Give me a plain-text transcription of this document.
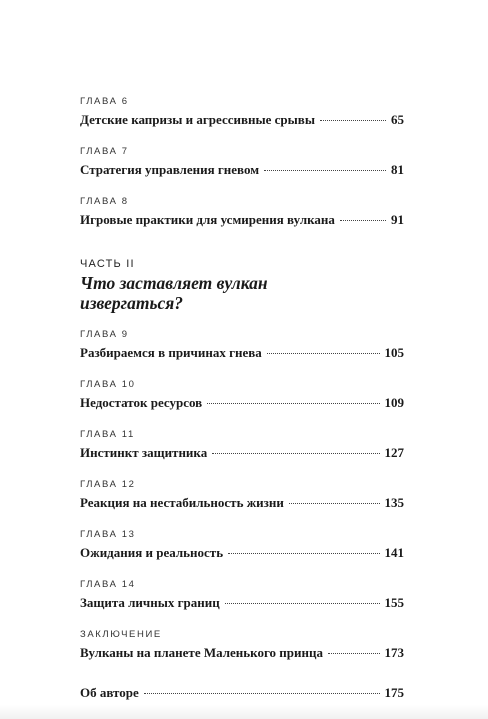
ГЛАВА 6
Детские капризы и агрессивные срывы	65
ГЛАВА 7
Стратегия управления гневом	81
ГЛАВА 8
Игровые практики для усмирения вулкана	91
ЧАСТЬ II
Что заставляет вулкан извергаться?
ГЛАВА 9
Разбираемся в причинах гнева	105
ГЛАВА 10
Недостаток ресурсов	109
ГЛАВА 11
Инстинкт защитника	127
ГЛАВА 12
Реакция на нестабильность жизни	135
ГЛАВА 13
Ожидания и реальность	141
ГЛАВА 14
Защита личных границ	155
ЗАКЛЮЧЕНИЕ
Вулканы на планете Маленького принца	173
Об авторе	175
